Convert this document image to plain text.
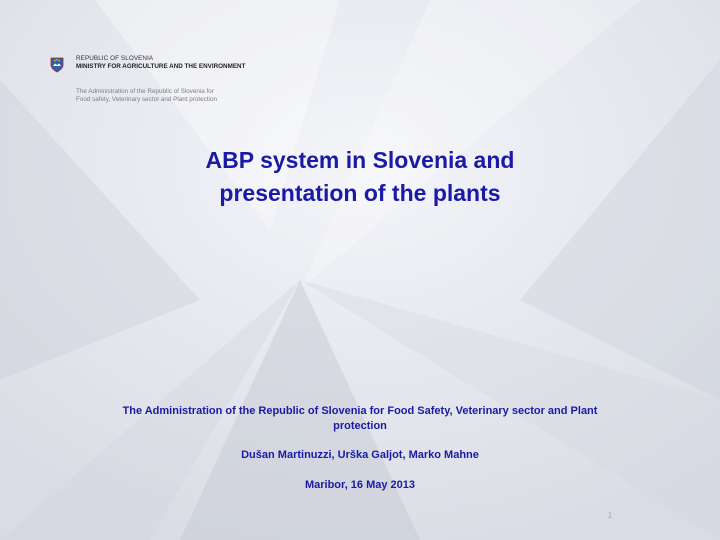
REPUBLIC OF SLOVENIA
MINISTRY FOR AGRICULTURE AND THE ENVIRONMENT
The Administration of the Republic of Slovenia for Food safety, Veterinary sector and Plant protection
ABP system in Slovenia and
presentation of the plants
The Administration of the Republic of Slovenia for Food Safety, Veterinary sector and Plant
protection
Dušan Martinuzzi, Urška Galjot, Marko Mahne
Maribor, 16 May 2013
1
